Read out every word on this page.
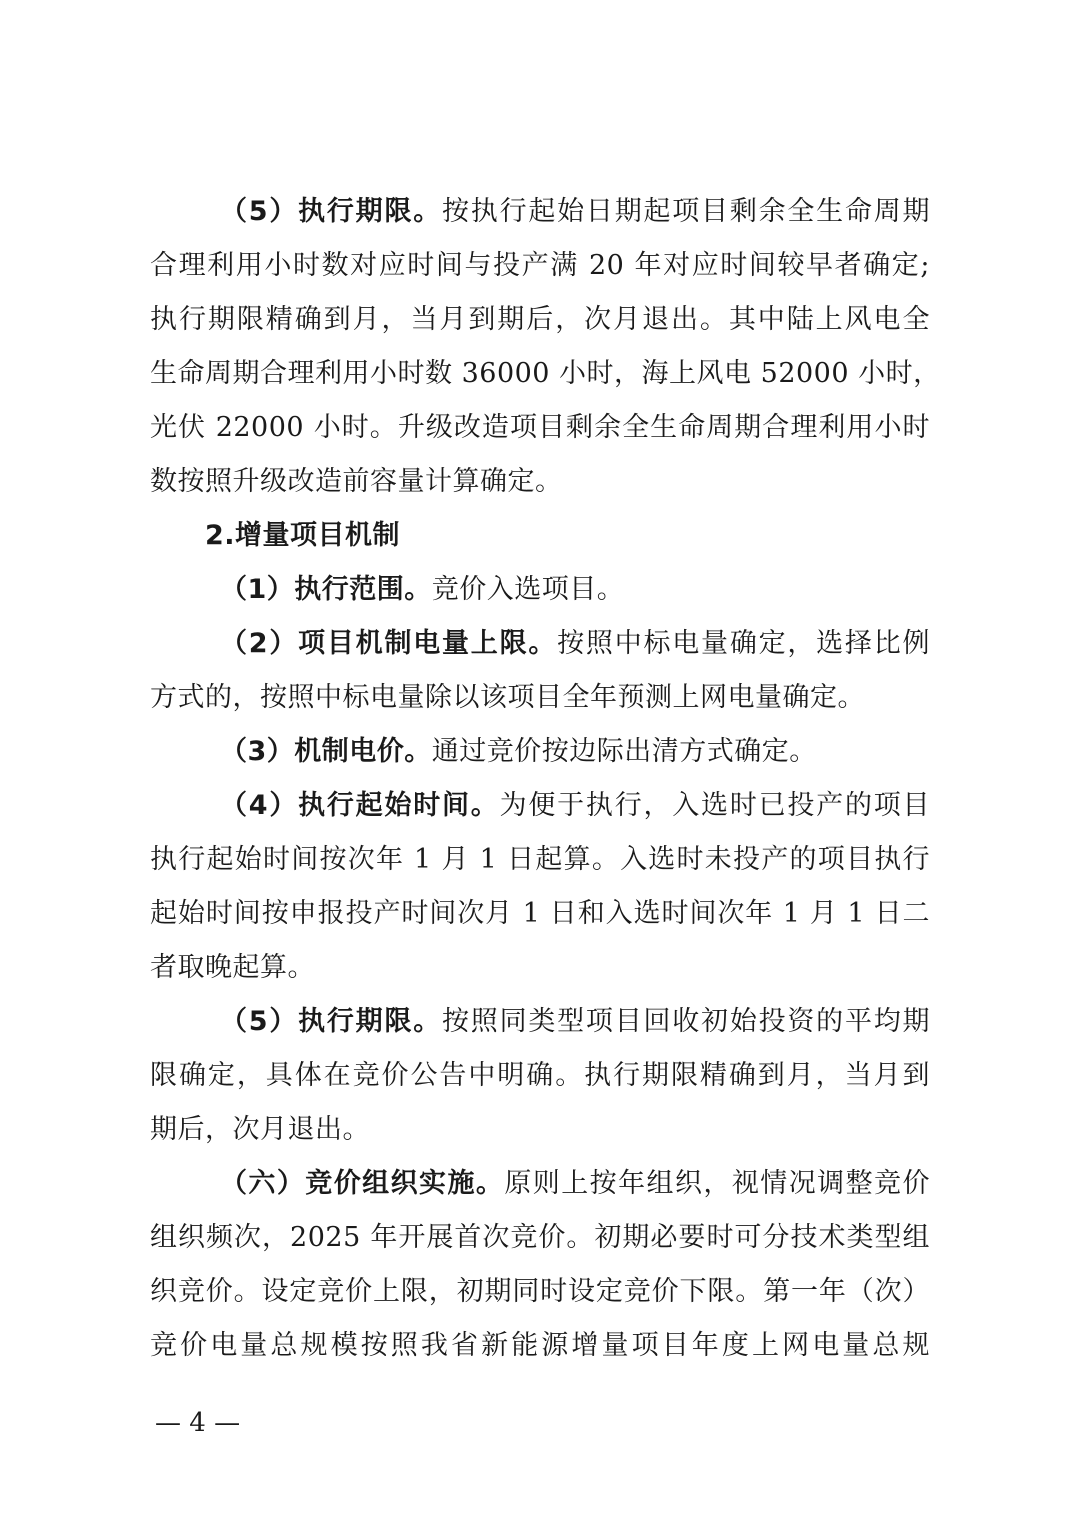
（5）执行期限。按执行起始日期起项目剩余全生命周期
合理利用小时数对应时间与投产满 20 年对应时间较早者确定;
执行期限精确到月，当月到期后，次月退出。其中陆上风电全
生命周期合理利用小时数 36000 小时，海上风电 52000 小时，
光伏 22000 小时。升级改造项目剩余全生命周期合理利用小时
数按照升级改造前容量计算确定。
2.增量项目机制
（1）执行范围。竞价入选项目。
（2）项目机制电量上限。按照中标电量确定，选择比例
方式的，按照中标电量除以该项目全年预测上网电量确定。
（3）机制电价。通过竞价按边际出清方式确定。
（4）执行起始时间。为便于执行，入选时已投产的项目
执行起始时间按次年 1 月 1 日起算。入选时未投产的项目执行
起始时间按申报投产时间次月 1 日和入选时间次年 1 月 1 日二
者取晚起算。
（5）执行期限。按照同类型项目回收初始投资的平均期
限确定，具体在竞价公告中明确。执行期限精确到月，当月到
期后，次月退出。
（六）竞价组织实施。原则上按年组织，视情况调整竞价
组织频次，2025 年开展首次竞价。初期必要时可分技术类型组
织竞价。设定竞价上限，初期同时设定竞价下限。第一年（次）
竞价电量总规模按照我省新能源增量项目年度上网电量总规
— 4 —
